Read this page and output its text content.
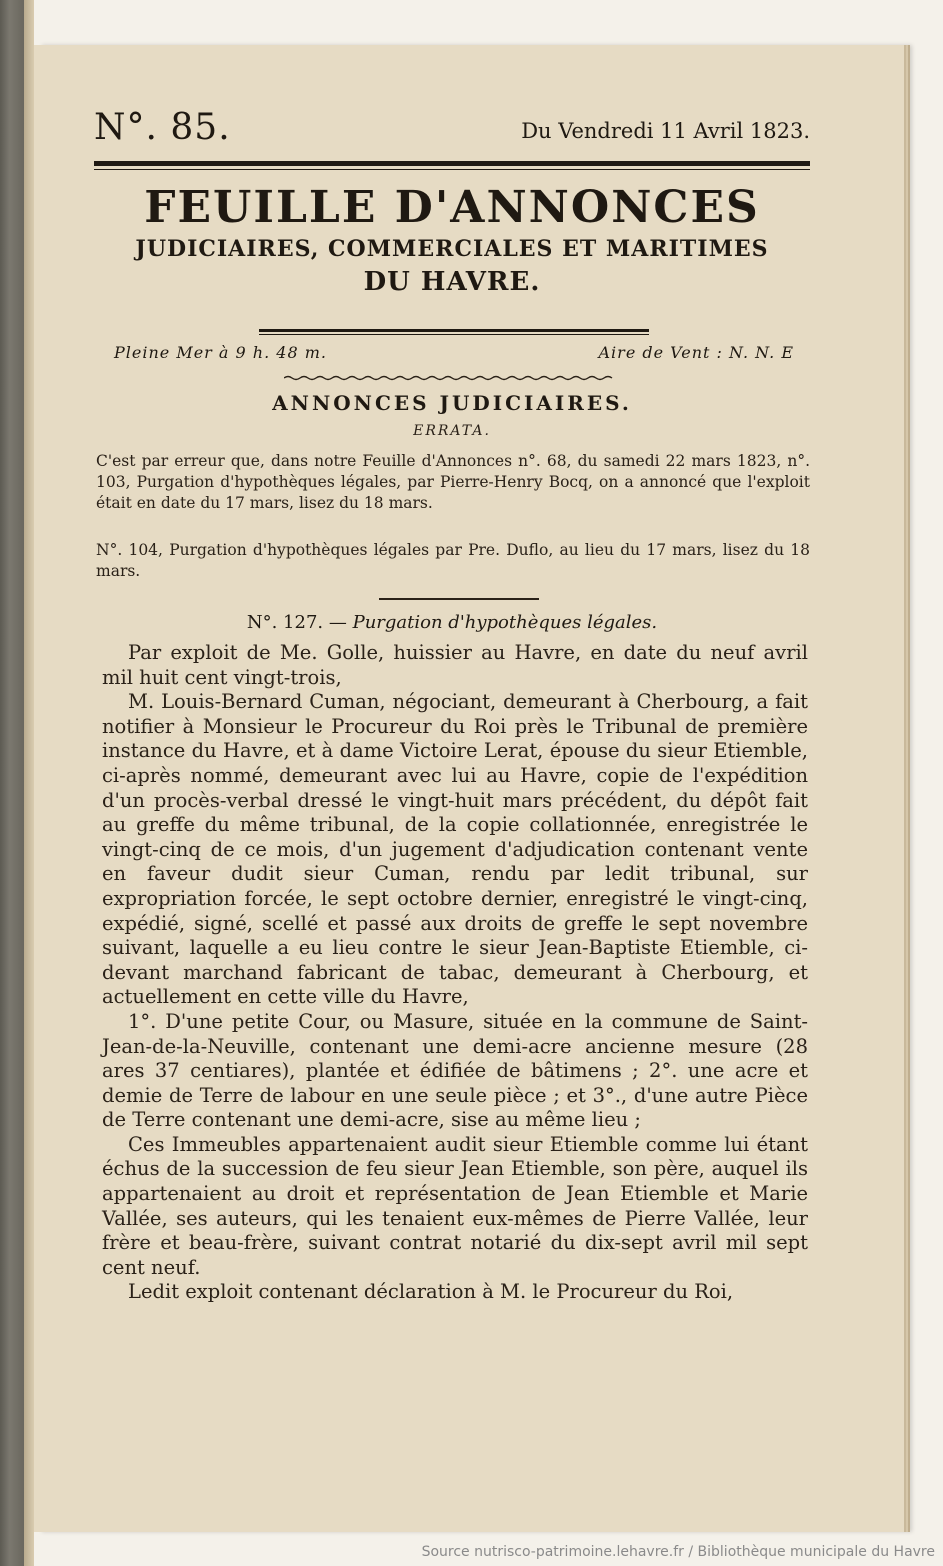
N°. 85.	Du Vendredi 11 Avril 1823.
FEUILLE D'ANNONCES
JUDICIAIRES, COMMERCIALES ET MARITIMES
DU HAVRE.
Pleine Mer à 9 h. 48 m.	Aire de Vent : N. N. E
ANNONCES JUDICIAIRES.
ERRATA.
C'est par erreur que, dans notre Feuille d'Annonces n°. 68, du samedi 22 mars 1823, n°. 103, Purgation d'hypothèques légales, par Pierre-Henry Bocq, on a annoncé que l'exploit était en date du 17 mars, lisez du 18 mars.
N°. 104, Purgation d'hypothèques légales par Pre. Duflo, au lieu du 17 mars, lisez du 18 mars.
N°. 127. — Purgation d'hypothèques légales.

Par exploit de Me. Golle, huissier au Havre, en date du neuf avril mil huit cent vingt-trois,

M. Louis-Bernard Cuman, négociant, demeurant à Cherbourg, a fait notifier à Monsieur le Procureur du Roi près le Tribunal de première instance du Havre, et à dame Victoire Lerat, épouse du sieur Etiemble, ci-après nommé, demeurant avec lui au Havre, copie de l'expédition d'un procès-verbal dressé le vingt-huit mars précédent, du dépôt fait au greffe du même tribunal, de la copie collationnée, enregistrée le vingt-cinq de ce mois, d'un jugement d'adjudication contenant vente en faveur dudit sieur Cuman, rendu par ledit tribunal, sur expropriation forcée, le sept octobre dernier, enregistré le vingt-cinq, expédié, signé, scellé et passé aux droits de greffe le sept novembre suivant, laquelle a eu lieu contre le sieur Jean-Baptiste Etiemble, ci-devant marchand fabricant de tabac, demeurant à Cherbourg, et actuellement en cette ville du Havre,

1°. D'une petite Cour, ou Masure, située en la commune de Saint-Jean-de-la-Neuville, contenant une demi-acre ancienne mesure (28 ares 37 centiares), plantée et édifiée de bâtimens ; 2°. une acre et demie de Terre de labour en une seule pièce ; et 3°., d'une autre Pièce de Terre contenant une demi-acre, sise au même lieu ;

Ces Immeubles appartenaient audit sieur Etiemble comme lui étant échus de la succession de feu sieur Jean Etiemble, son père, auquel ils appartenaient au droit et représentation de Jean Etiemble et Marie Vallée, ses auteurs, qui les tenaient eux-mêmes de Pierre Vallée, leur frère et beau-frère, suivant contrat notarié du dix-sept avril mil sept cent neuf.

Ledit exploit contenant déclaration à M. le Procureur du Roi,

Source nutrisco-patrimoine.lehavre.fr / Bibliothèque municipale du Havre
